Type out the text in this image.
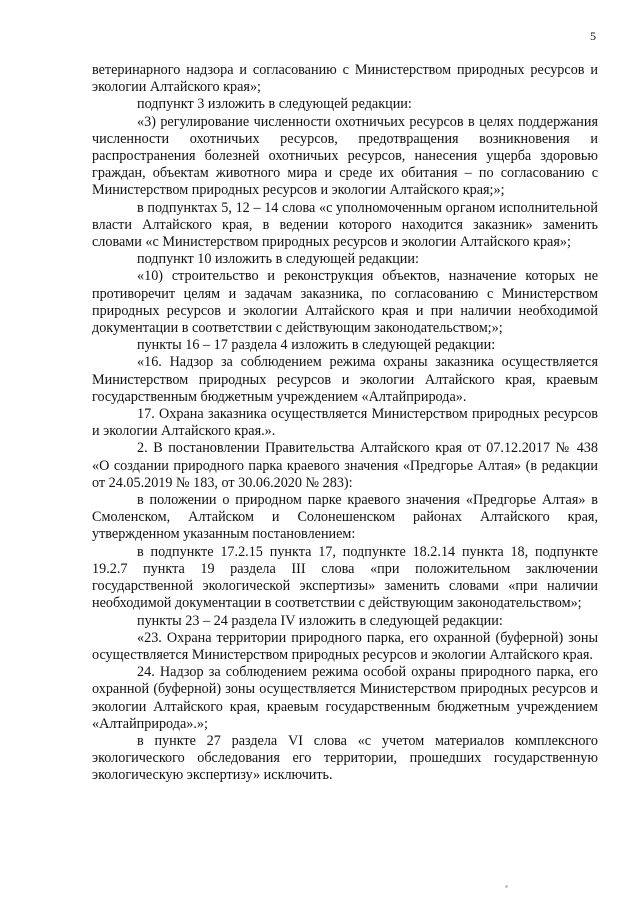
5

ветеринарного надзора и согласованию с Министерством природных ресурсов и экологии Алтайского края»;

подпункт 3 изложить в следующей редакции:

«3) регулирование численности охотничьих ресурсов в целях поддержания численности охотничьих ресурсов, предотвращения возникновения и распространения болезней охотничьих ресурсов, нанесения ущерба здоровью граждан, объектам животного мира и среде их обитания – по согласованию с Министерством природных ресурсов и экологии Алтайского края;»;

в подпунктах 5, 12 – 14 слова «с уполномоченным органом исполнительной власти Алтайского края, в ведении которого находится заказник» заменить словами «с Министерством природных ресурсов и экологии Алтайского края»;

подпункт 10 изложить в следующей редакции:

«10) строительство и реконструкция объектов, назначение которых не противоречит целям и задачам заказника, по согласованию с Министерством природных ресурсов и экологии Алтайского края и при наличии необходимой документации в соответствии с действующим законодательством;»;

пункты 16 – 17 раздела 4 изложить в следующей редакции:

«16. Надзор за соблюдением режима охраны заказника осуществляется Министерством природных ресурсов и экологии Алтайского края, краевым государственным бюджетным учреждением «Алтайприрода».

17. Охрана заказника осуществляется Министерством природных ресурсов и экологии Алтайского края.».

2. В постановлении Правительства Алтайского края от 07.12.2017 № 438 «О создании природного парка краевого значения «Предгорье Алтая» (в редакции от 24.05.2019 № 183, от 30.06.2020 № 283):

в положении о природном парке краевого значения «Предгорье Алтая» в Смоленском, Алтайском и Солонешенском районах Алтайского края, утвержденном указанным постановлением:

в подпункте 17.2.15 пункта 17, подпункте 18.2.14 пункта 18, подпункте 19.2.7 пункта 19 раздела III слова «при положительном заключении государственной экологической экспертизы» заменить словами «при наличии необходимой документации в соответствии с действующим законодательством»;

пункты 23 – 24 раздела IV изложить в следующей редакции:

«23. Охрана территории природного парка, его охранной (буферной) зоны осуществляется Министерством природных ресурсов и экологии Алтайского края.

24. Надзор за соблюдением режима особой охраны природного парка, его охранной (буферной) зоны осуществляется Министерством природных ресурсов и экологии Алтайского края, краевым государственным бюджетным учреждением «Алтайприрода».»;

в пункте 27 раздела VI слова «с учетом материалов комплексного экологического обследования его территории, прошедших государственную экологическую экспертизу» исключить.
